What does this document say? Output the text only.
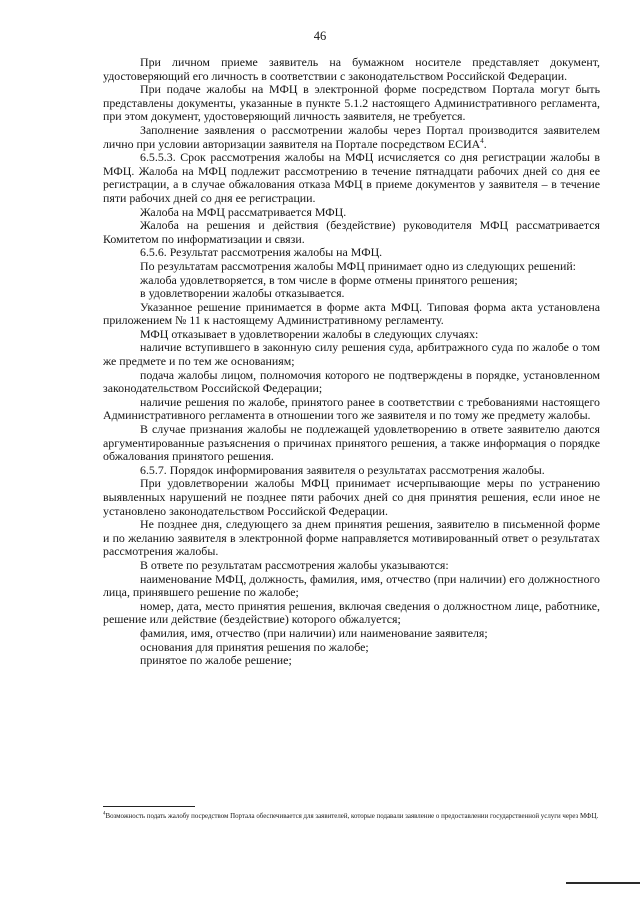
46

При личном приеме заявитель на бумажном носителе представляет документ, удостоверяющий его личность в соответствии с законодательством Российской Федерации.

При подаче жалобы на МФЦ в электронной форме посредством Портала могут быть представлены документы, указанные в пункте 5.1.2 настоящего Административного регламента, при этом документ, удостоверяющий личность заявителя, не требуется.

Заполнение заявления о рассмотрении жалобы через Портал производится заявителем лично при условии авторизации заявителя на Портале посредством ЕСИА$^4$.

6.5.5.3. Срок рассмотрения жалобы на МФЦ исчисляется со дня регистрации жалобы в МФЦ. Жалоба на МФЦ подлежит рассмотрению в течение пятнадцати рабочих дней со дня ее регистрации, а в случае обжалования отказа МФЦ в приеме документов у заявителя – в течение пяти рабочих дней со дня ее регистрации.

Жалоба на МФЦ рассматривается МФЦ.

Жалоба на решения и действия (бездействие) руководителя МФЦ рассматривается Комитетом по информатизации и связи.

6.5.6. Результат рассмотрения жалобы на МФЦ.

По результатам рассмотрения жалобы МФЦ принимает одно из следующих решений:

жалоба удовлетворяется, в том числе в форме отмены принятого решения;

в удовлетворении жалобы отказывается.

Указанное решение принимается в форме акта МФЦ. Типовая форма акта установлена приложением № 11 к настоящему Административному регламенту.

МФЦ отказывает в удовлетворении жалобы в следующих случаях:

наличие вступившего в законную силу решения суда, арбитражного суда по жалобе о том же предмете и по тем же основаниям;

подача жалобы лицом, полномочия которого не подтверждены в порядке, установленном законодательством Российской Федерации;

наличие решения по жалобе, принятого ранее в соответствии с требованиями настоящего Административного регламента в отношении того же заявителя и по тому же предмету жалобы.

В случае признания жалобы не подлежащей удовлетворению в ответе заявителю даются аргументированные разъяснения о причинах принятого решения, а также информация о порядке обжалования принятого решения.

6.5.7. Порядок информирования заявителя о результатах рассмотрения жалобы.

При удовлетворении жалобы МФЦ принимает исчерпывающие меры по устранению выявленных нарушений не позднее пяти рабочих дней со дня принятия решения, если иное не установлено законодательством Российской Федерации.

Не позднее дня, следующего за днем принятия решения, заявителю в письменной форме и по желанию заявителя в электронной форме направляется мотивированный ответ о результатах рассмотрения жалобы.

В ответе по результатам рассмотрения жалобы указываются:

наименование МФЦ, должность, фамилия, имя, отчество (при наличии) его должностного лица, принявшего решение по жалобе;

номер, дата, место принятия решения, включая сведения о должностном лице, работнике, решение или действие (бездействие) которого обжалуется;

фамилия, имя, отчество (при наличии) или наименование заявителя;

основания для принятия решения по жалобе;

принятое по жалобе решение;

$^4$Возможность подать жалобу посредством Портала обеспечивается для заявителей, которые подавали заявление о предоставлении государственной услуги через МФЦ.
